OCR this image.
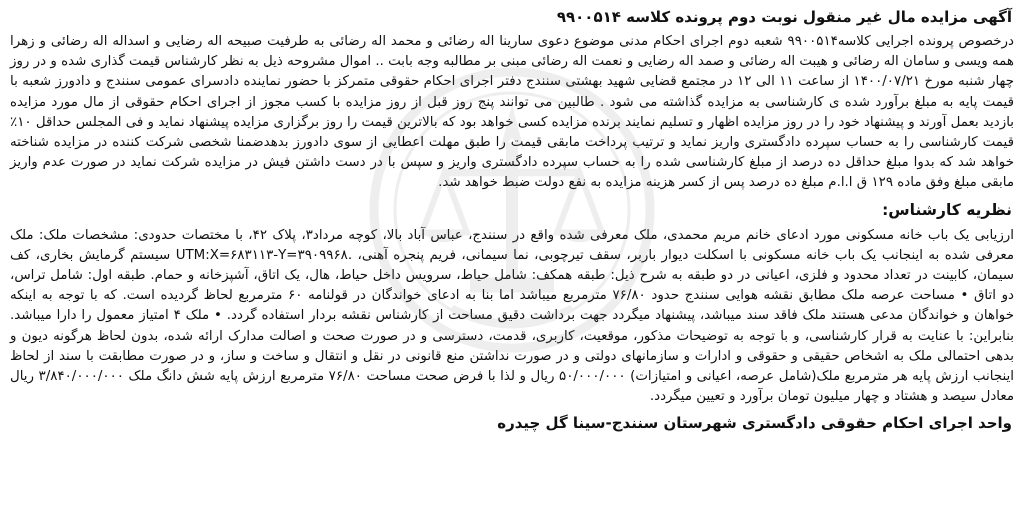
آگهی مزایده مال غیر منقول نوبت دوم پرونده کلاسه ۹۹۰۰۵۱۴

درخصوص پرونده اجرایی کلاسه۹۹۰۰۵۱۴ شعبه دوم اجرای احکام مدنی موضوع دعوی سارینا اله رضائی و محمد اله رضائی به طرفیت صبیحه اله رضایی و اسداله اله رضائی و زهرا همه ویسی و سامان اله رضائی و هیبت اله رضائی و صمد اله رضایی و نعمت اله رضائی مبنی بر مطالبه وجه بابت .. اموال مشروحه ذیل به نظر کارشناس قیمت گذاری شده و در روز چهار شنبه مورخ ۱۴۰۰/۰۷/۲۱ از ساعت ۱۱ الی ۱۲ در مجتمع قضایی شهید بهشتی سنندج دفتر اجرای احکام حقوقی متمرکز با حضور نماینده دادسرای عمومی سنندج و دادورز شعبه با قیمت پایه به مبلغ برآورد شده ی کارشناسی به مزایده گذاشته می شود . طالبین می توانند پنج روز قبل از روز مزایده با کسب مجوز از اجرای احکام حقوقی از مال مورد مزایده بازدید بعمل آورند و پیشنهاد خود را در روز مزایده اظهار و تسلیم نمایند برنده مزایده کسی خواهد بود که بالاترین قیمت را روز برگزاری مزایده پیشنهاد نماید و فی المجلس حداقل ۱۰٪ قیمت کارشناسی را به حساب سپرده دادگستری واریز نماید و ترتیب پرداخت مابقی قیمت را طبق مهلت اعطایی از سوی دادورز بدهدضمنا شخصی شرکت کننده در مزایده شناخته خواهد شد که بدوا مبلغ حداقل ده درصد از مبلغ کارشناسی شده را به حساب سپرده دادگستری واریز و سپس با در دست داشتن فیش در مزایده شرکت نماید در صورت عدم واریز مابقی مبلغ وفق ماده ۱۲۹ ق ا.ا.م مبلغ ده درصد پس از کسر هزینه مزایده به نفع دولت ضبط خواهد شد.

نظریه کارشناس:

ارزیابی یک باب خانه مسکونی مورد ادعای خانم مریم محمدی، ملک معرفی شده واقع در سنندج، عباس آباد بالا، کوچه مرداد۳، پلاک ۴۲، با مختصات حدودی: مشخصات ملک: ملک معرفی شده به اینجانب یک باب خانه مسکونی با اسکلت دیوار باربر، سقف تیرچوبی، نما سیمانی، فریم پنجره آهنی، .UTM:X=۶۸۳۱۱۳-Y=۳۹۰۹۹۶۸ سیستم گرمایش بخاری، کف سیمان، کابینت در تعداد محدود و فلزی، اعیانی در دو طبقه به شرح ذیل: طبقه همکف: شامل حیاط، سرویس داخل حیاط، هال، یک اتاق، آشپزخانه و حمام. طبقه اول: شامل تراس، دو اتاق • مساحت عرصه ملک مطابق نقشه هوایی سنندج حدود ۷۶/۸۰ مترمربع میباشد اما بنا به ادعای خواندگان در قولنامه ۶۰ مترمربع لحاظ گردیده است. که با توجه به اینکه خواهان و خواندگان مدعی هستند ملک فاقد سند میباشد، پیشنهاد میگردد جهت برداشت دقیق مساحت از کارشناس نقشه بردار استفاده گردد. • ملک ۴ امتیاز معمول را دارا میباشد. بنابراین: با عنایت به قرار کارشناسی، و با توجه به توضیحات مذکور، موقعیت، کاربری، قدمت، دسترسی و در صورت صحت و اصالت مدارک ارائه شده، بدون لحاظ هرگونه دیون و بدهی احتمالی ملک به اشخاص حقیقی و حقوقی و ادارات و سازمانهای دولتی و در صورت نداشتن منع قانونی در نقل و انتقال و ساخت و ساز، و در صورت مطابقت با سند از لحاظ اینجانب ارزش پایه هر مترمربع ملک(شامل عرصه، اعیانی و امتیازات) ۵۰/۰۰۰/۰۰۰ ریال و لذا با فرض صحت مساحت ۷۶/۸۰ مترمربع ارزش پایه شش دانگ ملک ۳/۸۴۰/۰۰۰/۰۰۰ ریال معادل سیصد و هشتاد و چهار میلیون تومان برآورد و تعیین میگردد.

واحد اجرای احکام حقوقی دادگستری شهرستان سنندج-سینا گل چیدره
